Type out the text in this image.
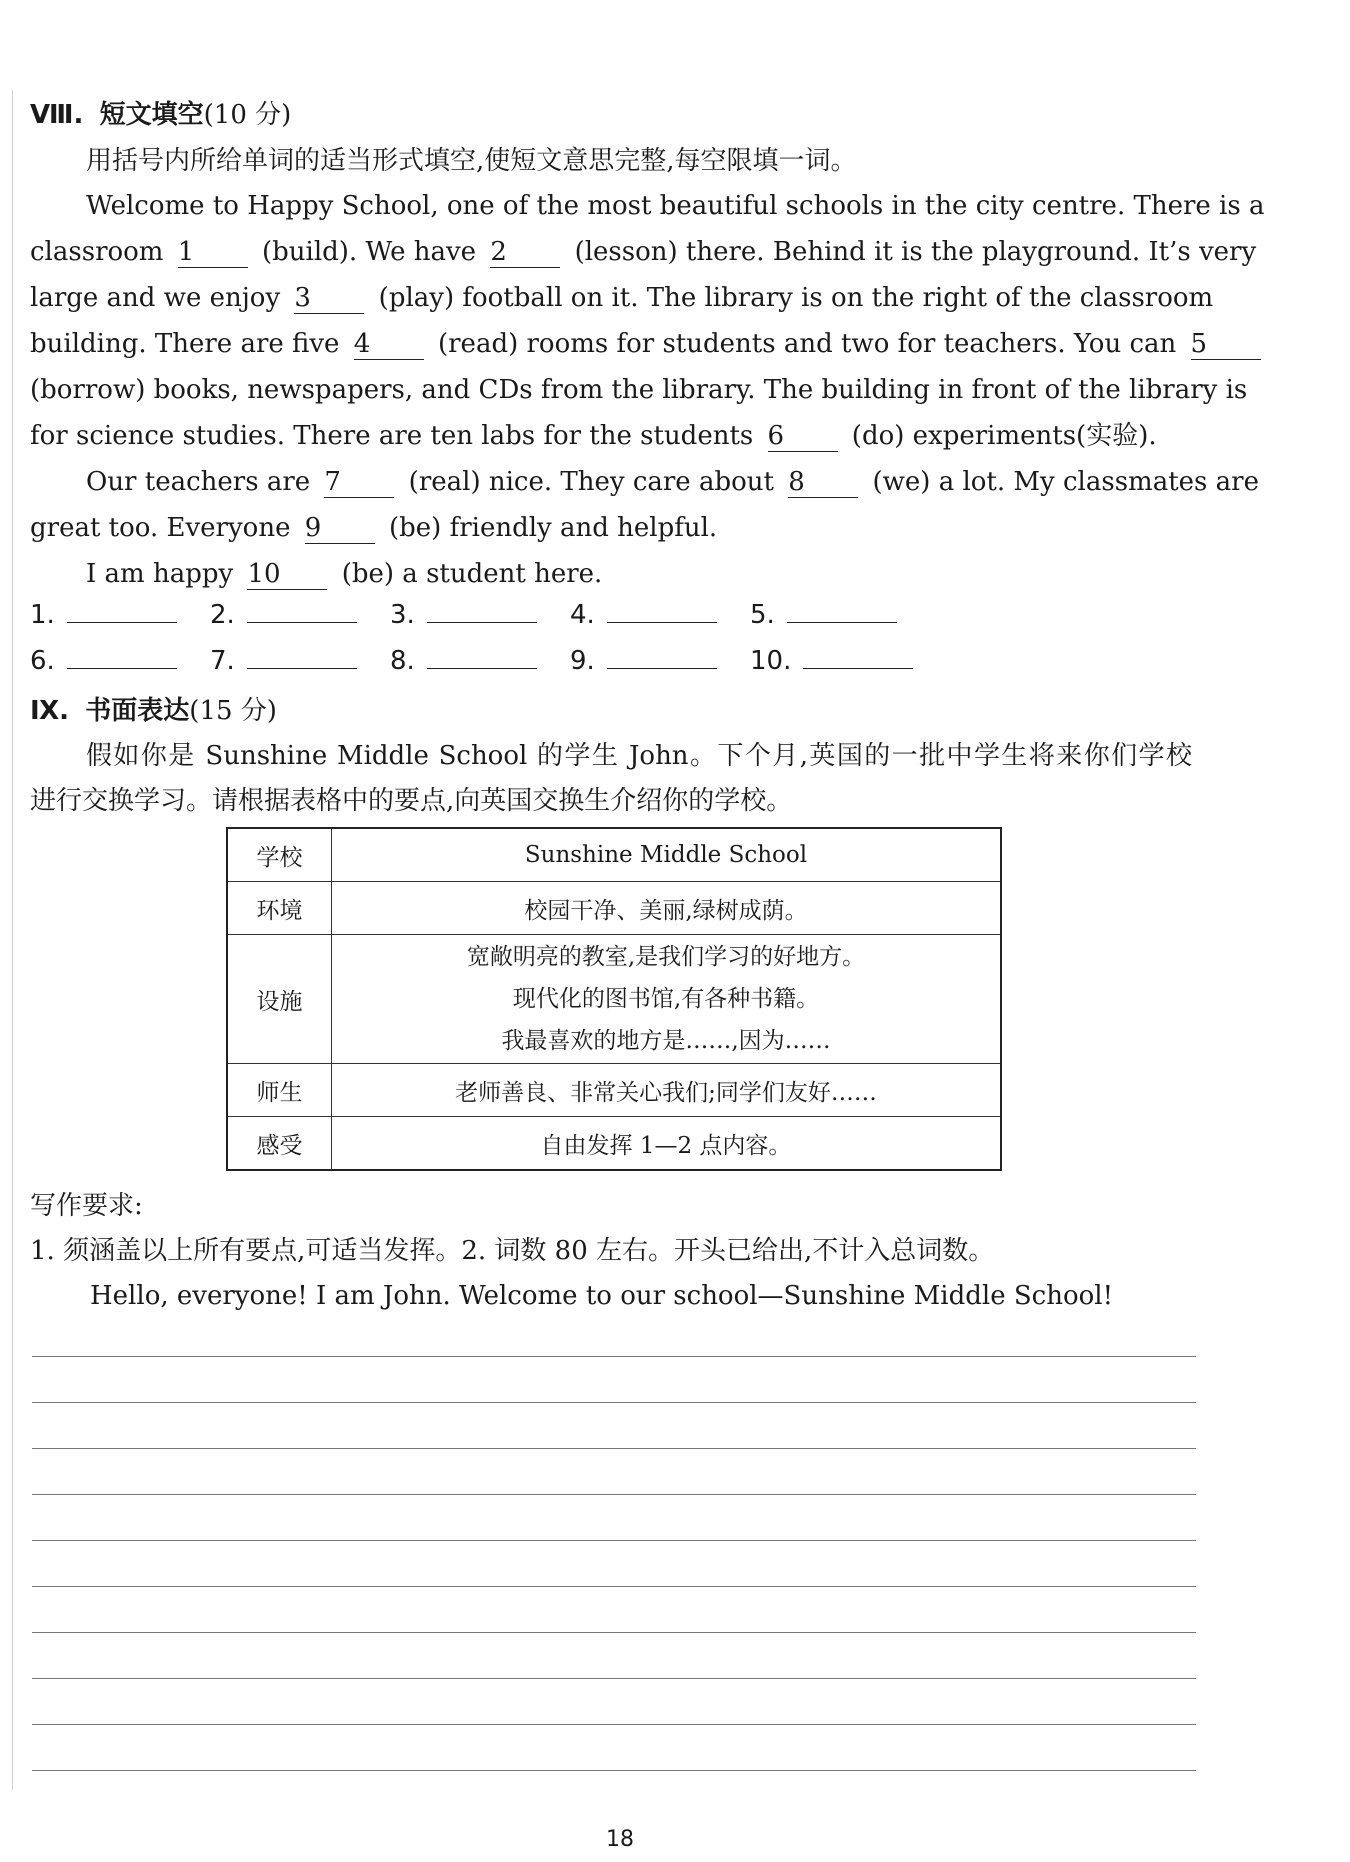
Ⅷ. 短文填空(10 分)
用括号内所给单词的适当形式填空,使短文意思完整,每空限填一词。
Welcome to Happy School, one of the most beautiful schools in the city centre. There is a
classroom 1	(build). We have 2	(lesson) there. Behind it is the playground. It’s very
large and we enjoy 3	(play) football on it. The library is on the right of the classroom
building. There are five 4	(read) rooms for students and two for teachers. You can 5
(borrow) books, newspapers, and CDs from the library. The building in front of the library is
for science studies. There are ten labs for the students 6	(do) experiments(实验).
Our teachers are 7	(real) nice. They care about 8	(we) a lot. My classmates are
great too. Everyone 9	(be) friendly and helpful.
I am happy 10 (be) a student here.
1.	2.	3.	4.	5.
6.	7.	8.	9.	10.
Ⅸ. 书面表达(15 分)
假如你是 Sunshine Middle School 的学生 John。下个月,英国的一批中学生将来你们学校
进行交换学习。请根据表格中的要点,向英国交换生介绍你的学校。
学校	Sunshine Middle School
环境	校园干净、美丽,绿树成荫。
设施	宽敞明亮的教室,是我们学习的好地方。
现代化的图书馆,有各种书籍。
我最喜欢的地方是……,因为……

师生	老师善良、非常关心我们;同学们友好……
感受	自由发挥 1—2 点内容。
写作要求:
1. 须涵盖以上所有要点,可适当发挥。2. 词数 80 左右。开头已给出,不计入总词数。
Hello, everyone! I am John. Welcome to our school—Sunshine Middle School!
18
